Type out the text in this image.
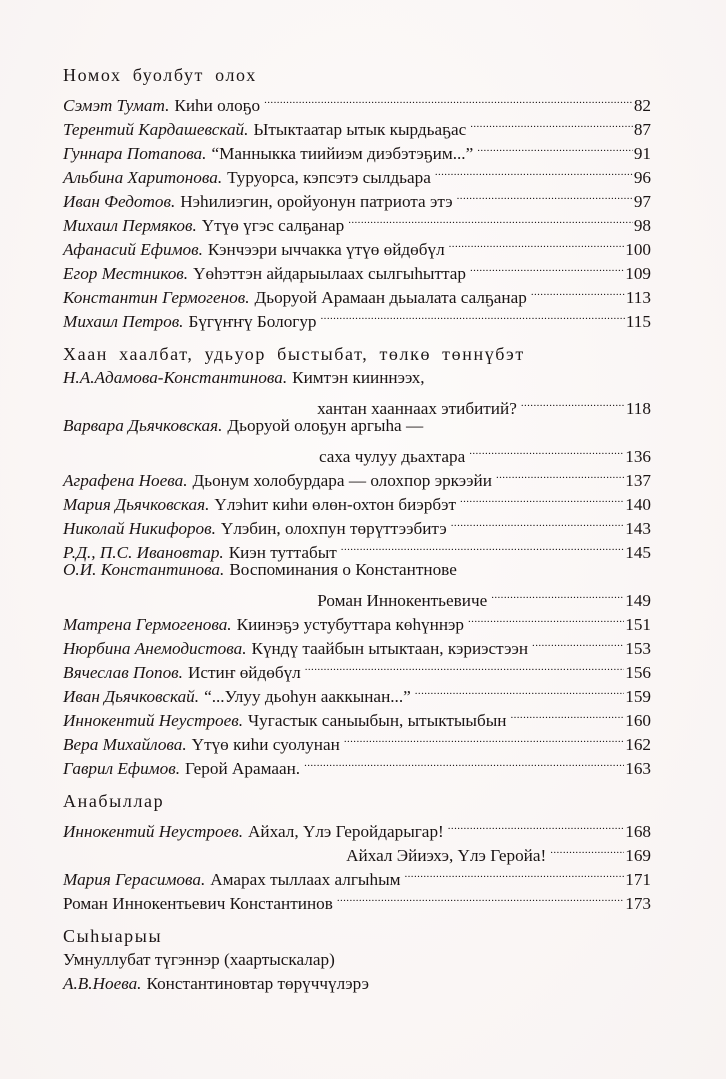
Номох буолбут олох
Сэмэт Тумат. Киhи олоҕо .....	82
Терентий Кардашевскай. Ытыктаатар ытык кырдьаҕас .....	87
Гуннара Потапова. “Манныкка тиийиэм диэбэтэҕим...” .....	91
Альбина Харитонова. Туруорса, кэпсэтэ сылдьара .....	96
Иван Федотов. Нэhилиэгин, оройуонун патриота этэ .....	97
Михаил Пермяков. Үтүө үгэс салҕанар .....	98
Афанасий Ефимов. Кэнчээри ыччакка үтүө өйдөбүл .....	100
Егор Местников. Үөhэттэн айдарыылаах сылгыhыттар .....	109
Константин Гермогенов. Дьоруой Арамаан дьыалата салҕанар .....	113
Михаил Петров. Бүгүҥҥү Бологур .....	115
Хаан хаалбат, удьуор быстыбат, төлкө төннүбэт
Н.А.Адамова-Константинова. Кимтэн кииннээх,
хантан хааннаах этибитий? .....	118
Варвара Дьячковская. Дьоруой олоҕун аргыhа —
саха чулуу дьахтара .....	136
Аграфена Ноева. Дьонум холобурдара — олохпор эркээйи .....	137
Мария Дьячковская. Үлэhит киhи өлөн-охтон биэрбэт .....	140
Николай Никифоров. Үлэбин, олохпун төрүттээбитэ .....	143
Р.Д., П.С. Ивановтар. Киэн туттабыт .....	145
О.И. Константинова. Воспоминания о Константнове
Роман Иннокентьевиче .....	149
Матрена Гермогенова. Киинэҕэ устубуттара көhүннэр .....	151
Нюрбина Анемодистова. Күндү таайбын ытыктаан, кэриэстээн .....	153
Вячеслав Попов. Истиҥ өйдөбүл .....	156
Иван Дьячковскай. “...Улуу дьоhун ааккынан...” .....	159
Иннокентий Неустроев. Чугастык саныыбын, ытыктыыбын .....	160
Вера Михайлова. Үтүө киhи суолунан .....	162
Гаврил Ефимов. Герой Арамаан. .....	163
Анабыллар
Иннокентий Неустроев. Айхал, Үлэ Геройдарыгар! .....	168
Айхал Эйиэхэ, Үлэ Геройа! .....	169
Мария Герасимова. Амарах тыллаах алгыhым .....	171
Роман Иннокентьевич Константинов .....	173
Сыhыарыы
Умнуллубат түгэннэр (хаартыскалар)
А.В.Ноева. Константиновтар төрүччүлэрэ
